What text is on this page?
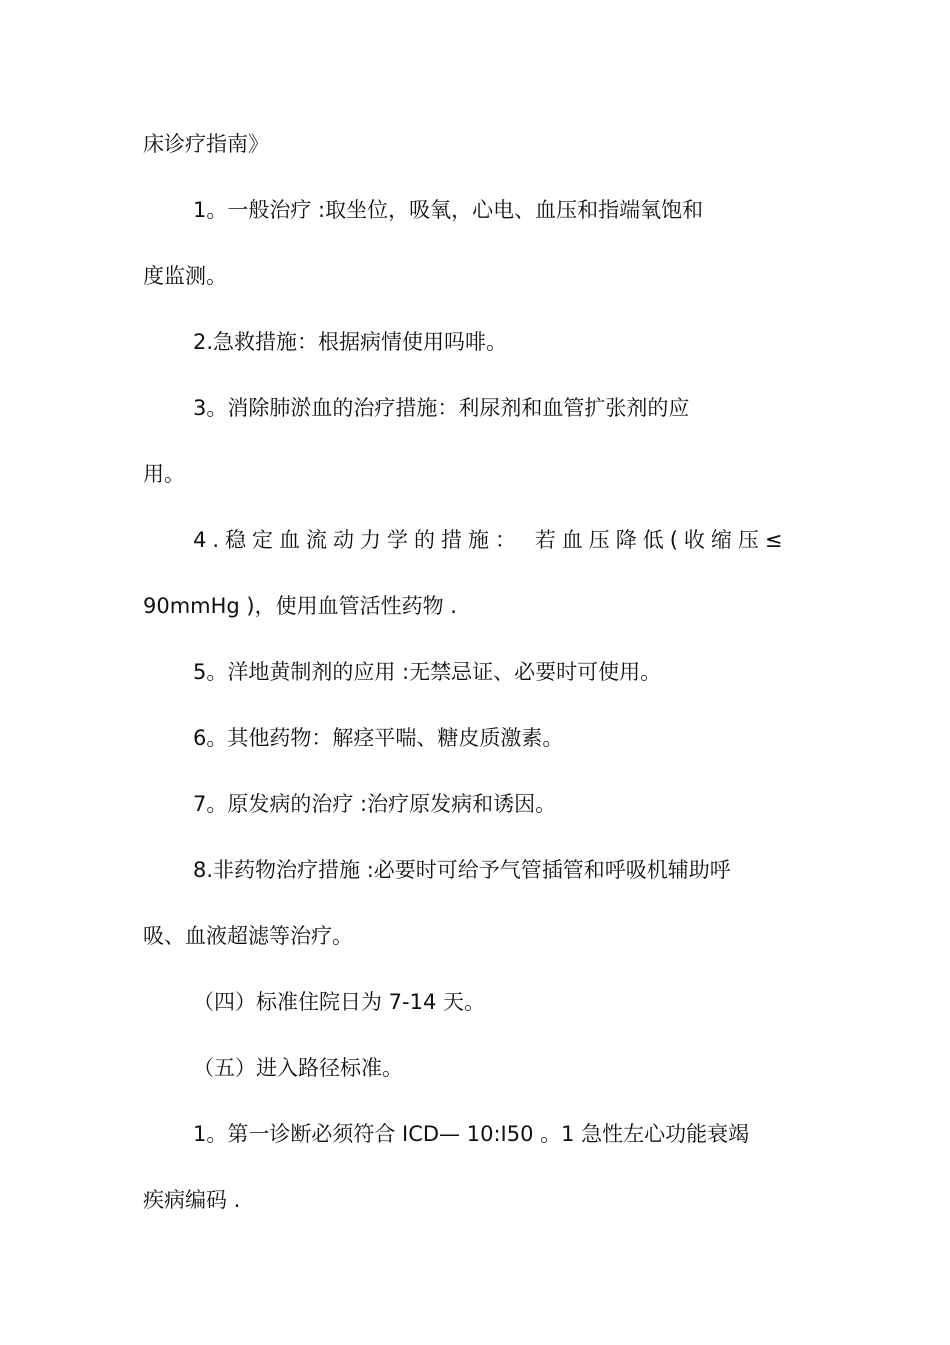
床诊疗指南》

1。一般治疗 :取坐位，吸氧，心电、血压和指端氧饱和

度监测。

2.急救措施：根据病情使用吗啡。

3。消除肺淤血的治疗措施：利尿剂和血管扩张剂的应

用。

4.稳定血流动力学的措施： 若血压降低(收缩压≤

90mmHg )，使用血管活性药物 .

5。洋地黄制剂的应用 :无禁忌证、必要时可使用。

6。其他药物：解痉平喘、糖皮质激素。

7。原发病的治疗 :治疗原发病和诱因。

8.非药物治疗措施 :必要时可给予气管插管和呼吸机辅助呼

吸、血液超滤等治疗。

（四）标准住院日为 7-14 天。

（五）进入路径标准。

1。第一诊断必须符合 ICD— 10:I50 。1 急性左心功能衰竭

疾病编码 .
